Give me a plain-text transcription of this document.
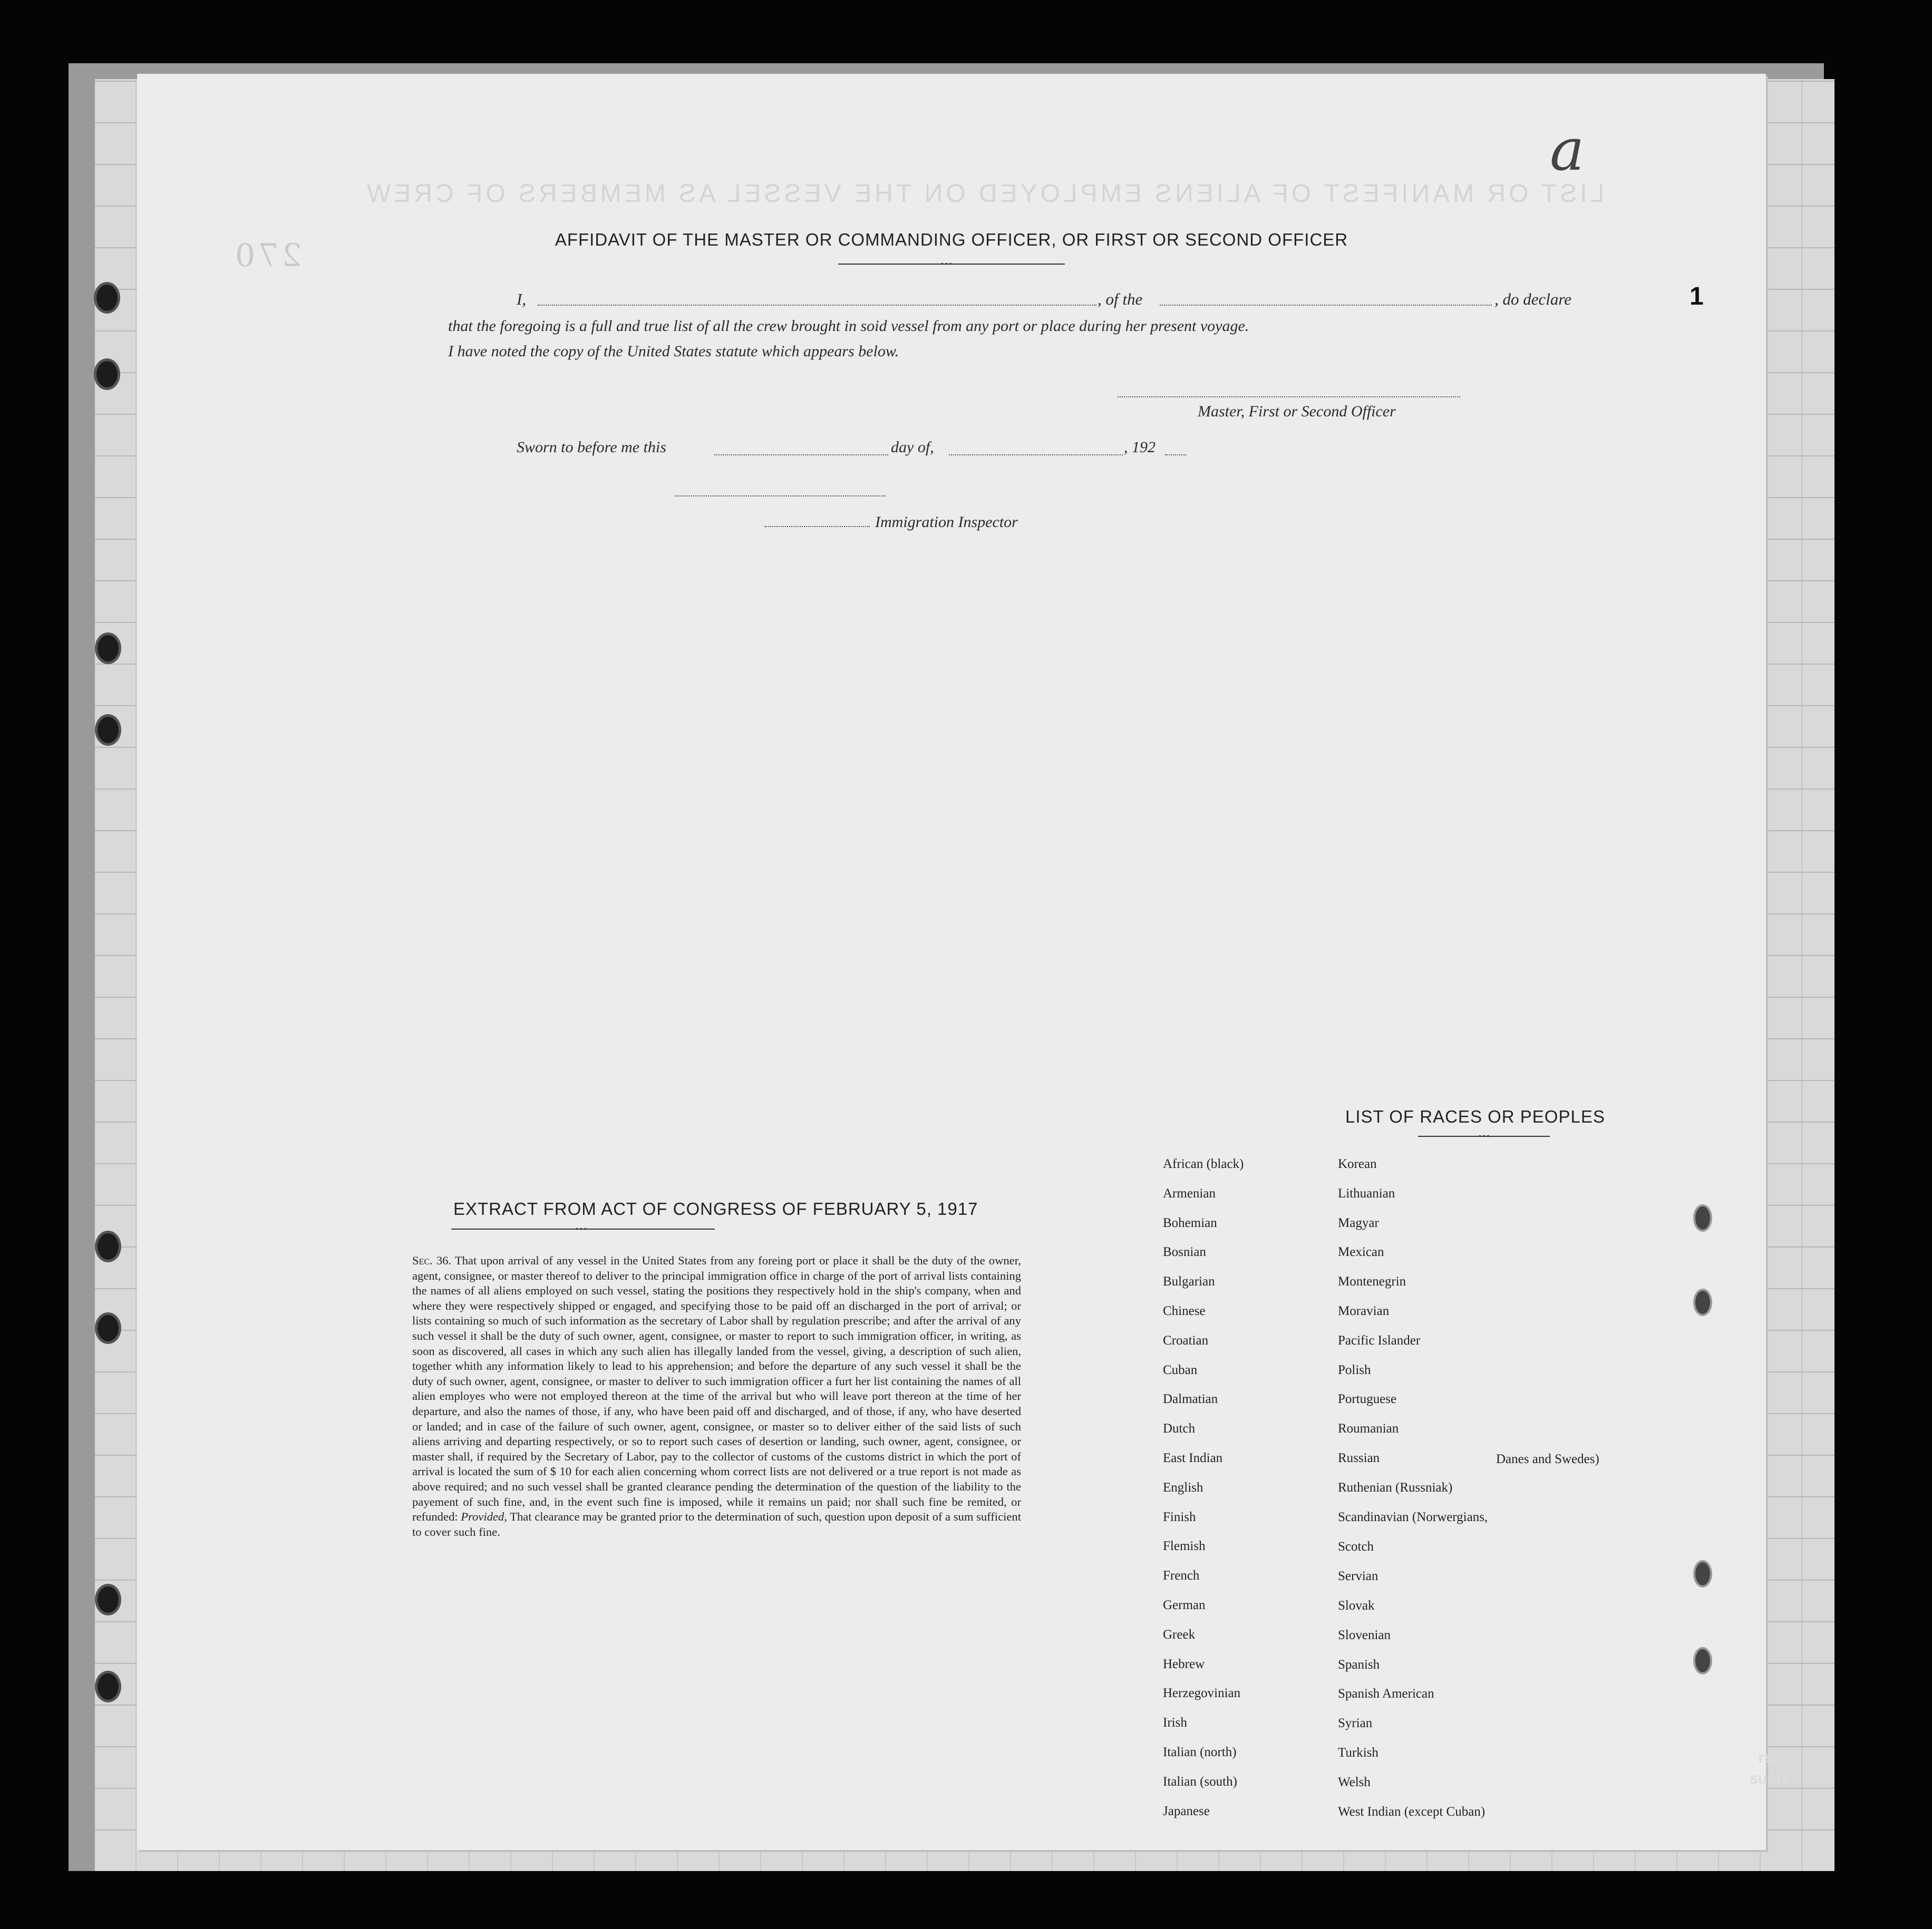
LIST OR MANIFEST OF ALIENS EMPLOYED ON THE VESSEL AS MEMBERS OF CREW
270	AFFIDAVIT OF THE MASTER OR COMMANDING OFFICER, OR FIRST OR SECOND OFFICER
•••
I,	, of the	, do declare
that the foregoing is a full and true list of all the crew brought in soid vessel from any port or place during her present voyage.
I have noted the copy of the United States statute which appears below.
Master, First or Second Officer
Sworn to before me this	day of,	, 192
Immigration Inspector
EXTRACT FROM ACT OF CONGRESS OF FEBRUARY 5, 1917
•••
Sec. 36. That upon arrival of any vessel in the United States from any foreing port or place it shall be the duty of the owner, agent, consignee, or master thereof to deliver to the principal immigration office in charge of the port of arrival lists containing the names of all aliens employed on such vessel, stating the positions they respectively hold in the ship's company, when and where they were respectively shipped or engaged, and specifying those to be paid off an discharged in the port of arrival; or lists containing so much of such information as the secretary of Labor shall by regulation prescribe; and after the arrival of any such vessel it shall be the duty of such owner, agent, consignee, or master to report to such immigration officer, in writing, as soon as discovered, all cases in which any such alien has illegally landed from the vessel, giving, a description of such alien, together whith any information likely to lead to his apprehension; and before the departure of any such vessel it shall be the duty of such owner, agent, consignee, or master to deliver to such immigration officer a furt her list containing the names of all alien employes who were not employed thereon at the time of the arrival but who will leave port thereon at the time of her departure, and also the names of those, if any, who have been paid off and discharged, and of those, if any, who have deserted or landed; and in case of the failure of such owner, agent, consignee, or master so to deliver either of the said lists of such aliens arriving and departing respectively, or so to report such cases of desertion or landing, such owner, agent, consignee, or master shall, if required by the Secretary of Labor, pay to the collector of customs of the customs district in which the port of arrival is located the sum of $ 10 for each alien concerning whom correct lists are not delivered or a true report is not made as above required; and no such vessel shall be granted clearance pending the determination of the question of the liability to the payement of such fine, and, in the event such fine is imposed, while it remains un paid; nor shall such fine be remited, or refunded: Provided, That clearance may be granted prior to the determination of such, question upon deposit of a sum sufficient to cover such fine.
LIST OF RACES OR PEOPLES
•••
African (black)
Armenian
Bohemian
Bosnian
Bulgarian
Chinese
Croatian
Cuban
Dalmatian
Dutch
East Indian
English
Finish
Flemish
French
German
Greek
Hebrew
Herzegovinian
Irish
Italian (north)
Italian (south)
Japanese
Korean
Lithuanian
Magyar
Mexican
Montenegrin
Moravian
Pacific Islander
Polish
Portuguese
Roumanian
Russian
Ruthenian (Russniak)
Scandinavian (Norwergians,
Scotch
Servian
Slovak
Slovenian
Spanish
Spanish American
Syrian
Turkish
Welsh
West Indian (except Cuban)
Danes and Swedes)
a
1
rs.
such
